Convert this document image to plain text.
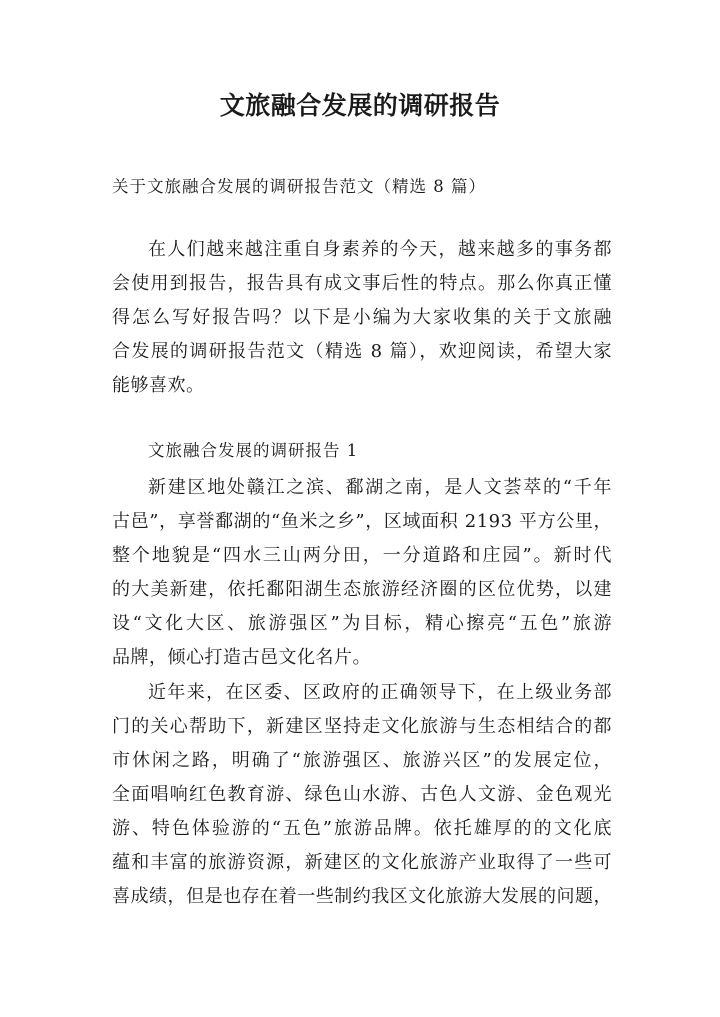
文旅融合发展的调研报告
关于文旅融合发展的调研报告范文（精选 8 篇）
在人们越来越注重自身素养的今天，越来越多的事务都
会使用到报告，报告具有成文事后性的特点。那么你真正懂
得怎么写好报告吗？以下是小编为大家收集的关于文旅融
合发展的调研报告范文（精选 8 篇），欢迎阅读，希望大家
能够喜欢。
文旅融合发展的调研报告 1
新建区地处赣江之滨、鄱湖之南，是人文荟萃的“千年
古邑”，享誉鄱湖的“鱼米之乡”，区域面积 2193 平方公里，
整个地貌是“四水三山两分田，一分道路和庄园”。新时代
的大美新建，依托鄱阳湖生态旅游经济圈的区位优势，以建
设“文化大区、旅游强区”为目标，精心擦亮“五色”旅游
品牌，倾心打造古邑文化名片。
近年来，在区委、区政府的正确领导下，在上级业务部
门的关心帮助下，新建区坚持走文化旅游与生态相结合的都
市休闲之路，明确了“旅游强区、旅游兴区”的发展定位，
全面唱响红色教育游、绿色山水游、古色人文游、金色观光
游、特色体验游的“五色”旅游品牌。依托雄厚的的文化底
蕴和丰富的旅游资源，新建区的文化旅游产业取得了一些可
喜成绩，但是也存在着一些制约我区文化旅游大发展的问题，
